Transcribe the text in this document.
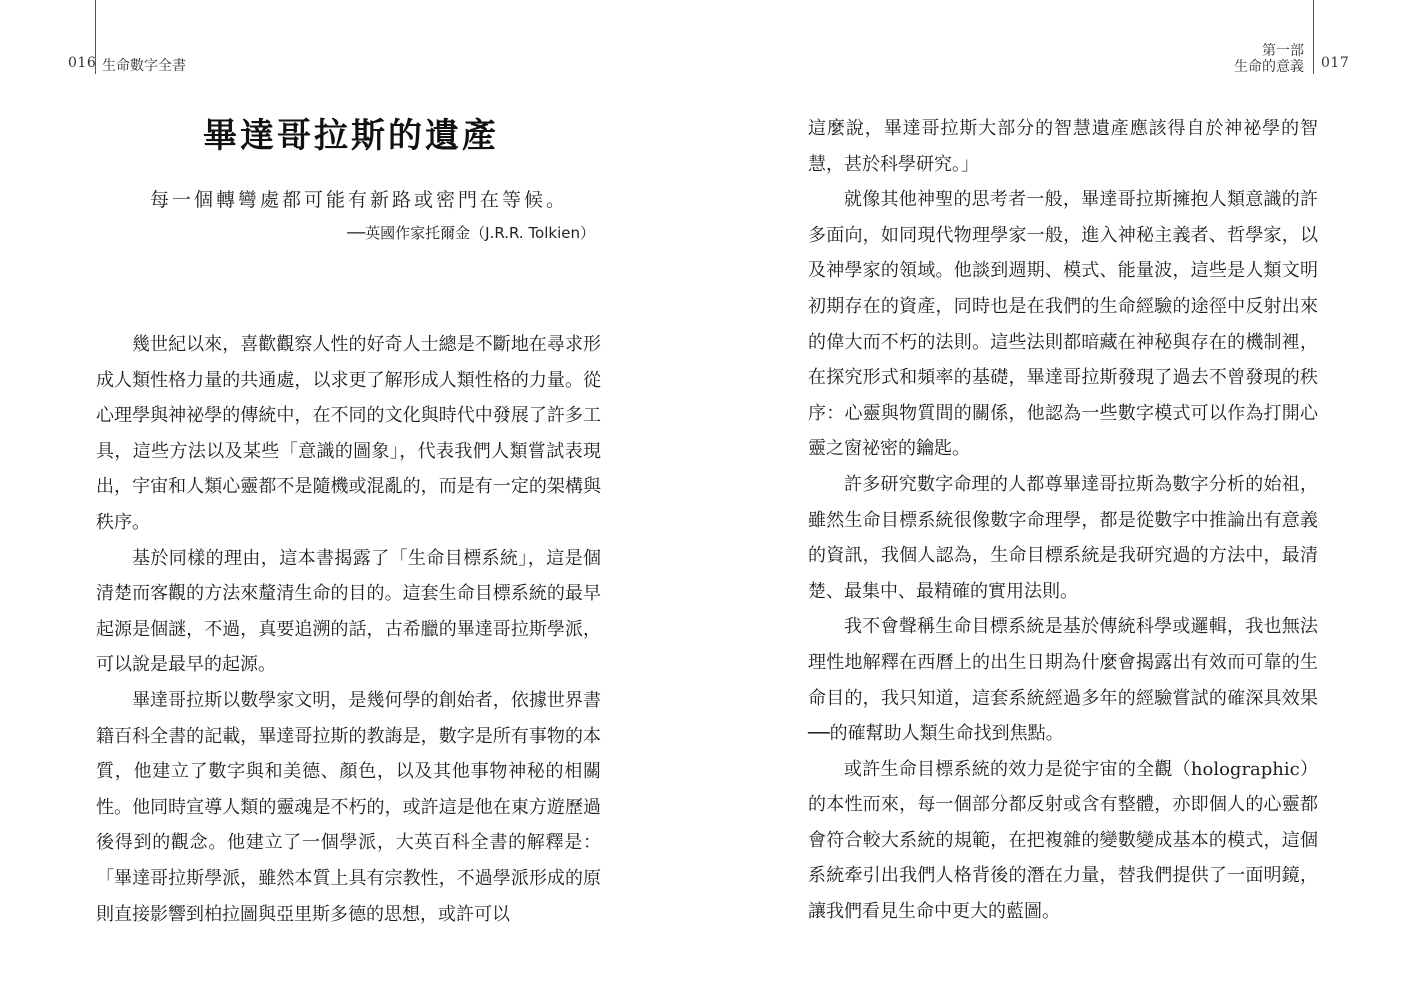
016 生命數字全書
畢達哥拉斯的遺產
每一個轉彎處都可能有新路或密門在等候。
──英國作家托爾金（J.R.R. Tolkien）

幾世紀以來，喜歡觀察人性的好奇人士總是不斷地在尋求形成人類性格力量的共通處，以求更了解形成人類性格的力量。從心理學與神祕學的傳統中，在不同的文化與時代中發展了許多工具，這些方法以及某些「意識的圖象」，代表我們人類嘗試表現出，宇宙和人類心靈都不是隨機或混亂的，而是有一定的架構與秩序。

基於同樣的理由，這本書揭露了「生命目標系統」，這是個清楚而客觀的方法來釐清生命的目的。這套生命目標系統的最早起源是個謎，不過，真要追溯的話，古希臘的畢達哥拉斯學派，可以說是最早的起源。

畢達哥拉斯以數學家文明，是幾何學的創始者，依據世界書籍百科全書的記載，畢達哥拉斯的教誨是，數字是所有事物的本質，他建立了數字與和美德、顏色，以及其他事物神秘的相關性。他同時宣導人類的靈魂是不朽的，或許這是他在東方遊歷過後得到的觀念。他建立了一個學派，大英百科全書的解釋是：「畢達哥拉斯學派，雖然本質上具有宗教性，不過學派形成的原則直接影響到柏拉圖與亞里斯多德的思想，或許可以

第一部
生命的意義 017

這麼說，畢達哥拉斯大部分的智慧遺產應該得自於神祕學的智慧，甚於科學研究。」

就像其他神聖的思考者一般，畢達哥拉斯擁抱人類意識的許多面向，如同現代物理學家一般，進入神秘主義者、哲學家，以及神學家的領域。他談到週期、模式、能量波，這些是人類文明初期存在的資產，同時也是在我們的生命經驗的途徑中反射出來的偉大而不朽的法則。這些法則都暗藏在神秘與存在的機制裡，在探究形式和頻率的基礎，畢達哥拉斯發現了過去不曾發現的秩序：心靈與物質間的關係，他認為一些數字模式可以作為打開心靈之窗祕密的鑰匙。

許多研究數字命理的人都尊畢達哥拉斯為數字分析的始祖，雖然生命目標系統很像數字命理學，都是從數字中推論出有意義的資訊，我個人認為，生命目標系統是我研究過的方法中，最清楚、最集中、最精確的實用法則。

我不會聲稱生命目標系統是基於傳統科學或邏輯，我也無法理性地解釋在西曆上的出生日期為什麼會揭露出有效而可靠的生命目的，我只知道，這套系統經過多年的經驗嘗試的確深具效果──的確幫助人類生命找到焦點。

或許生命目標系統的效力是從宇宙的全觀（holographic）的本性而來，每一個部分都反射或含有整體，亦即個人的心靈都會符合較大系統的規範，在把複雜的變數變成基本的模式，這個系統牽引出我們人格背後的潛在力量，替我們提供了一面明鏡，讓我們看見生命中更大的藍圖。
